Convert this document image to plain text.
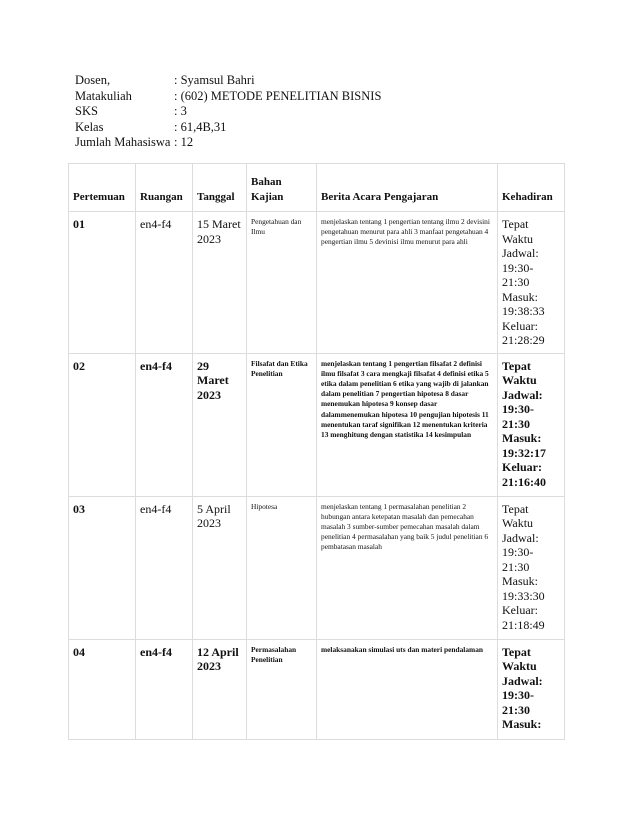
Dosen,	: Syamsul Bahri
Matakuliah	: (602) METODE PENELITIAN BISNIS
SKS	: 3
Kelas	: 61,4B,31
Jumlah Mahasiswa : 12
Pertemuan	Ruangan	Tanggal	Bahan Kajian	Berita Acara Pengajaran	Kehadiran
01	en4-f4	15 Maret 2023	Pengetahuan dan Ilmu	menjelaskan tentang 1 pengertian tentang ilmu 2 devisini pengetahuan menurut para ahli 3 manfaat pengetahuan 4 pengertian ilmu 5 devinisi ilmu menurut para ahli	Tepat Waktu Jadwal: 19:30-21:30 Masuk: 19:38:33 Keluar: 21:28:29
02	en4-f4	29 Maret 2023	Filsafat dan Etika Penelitian	menjelaskan tentang 1 pengertian filsafat 2 definisi ilmu filsafat 3 cara mengkaji filsafat 4 definisi etika 5 etika dalam penelitian 6 etika yang wajib di jalankan dalam penelitian 7 pengertian hipotesa 8 dasar menemukan hipotesa 9 konsep dasar dalammenemukan hipotesa 10 pengujian hipotesis 11 menentukan taraf signifikan 12 menentukan kriteria 13 menghitung dengan statistika 14 kesimpulan	Tepat Waktu Jadwal: 19:30-21:30 Masuk: 19:32:17 Keluar: 21:16:40
03	en4-f4	5 April 2023	Hipotesa	menjelaskan tentang 1 permasalahan penelitian 2 hubungan antara ketepatan masalah dan pemecahan masalah 3 sumber-sumber pemecahan masalah dalam penelitian 4 permasalahan yang baik 5 judul penelitian 6 pembatasan masalah	Tepat Waktu Jadwal: 19:30-21:30 Masuk: 19:33:30 Keluar: 21:18:49
04	en4-f4	12 April 2023	Permasalahan Penelitian	melaksanakan simulasi uts dan materi pendalaman	Tepat Waktu Jadwal: 19:30-21:30 Masuk:
